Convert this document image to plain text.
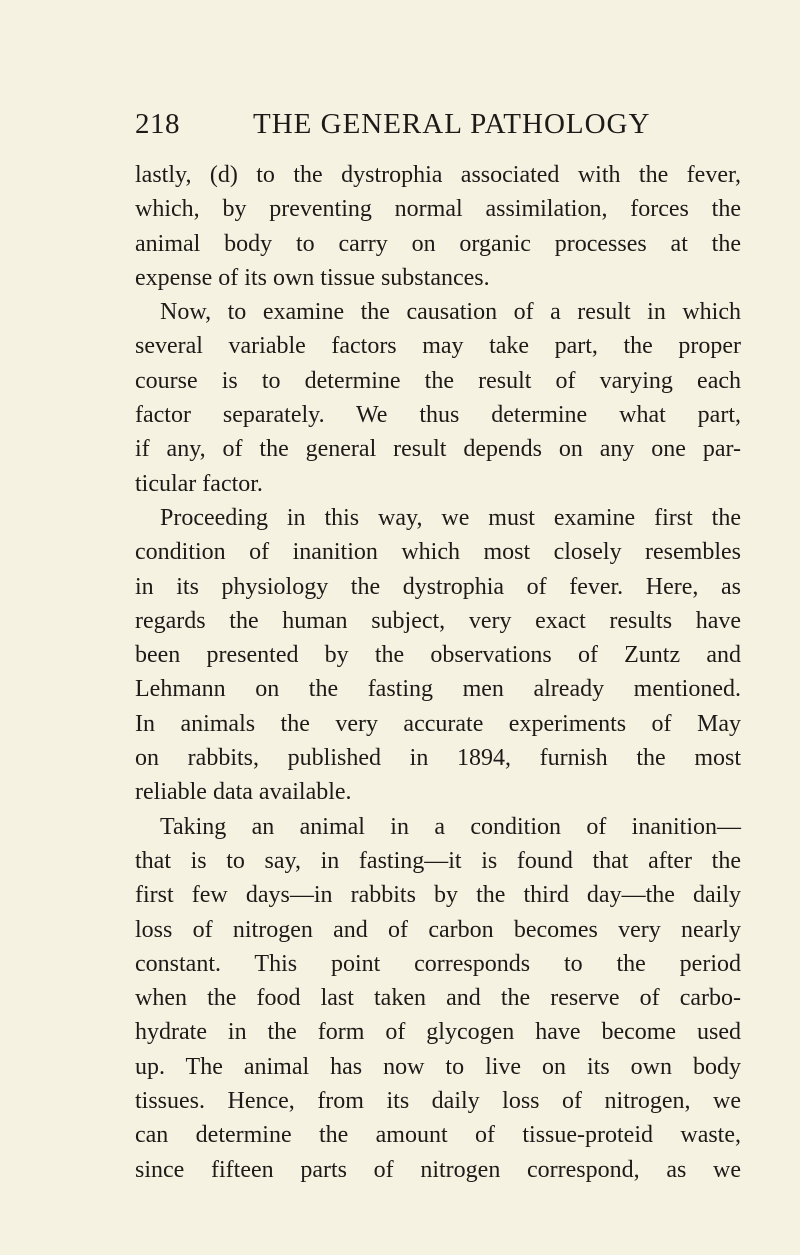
218	THE GENERAL PATHOLOGY
lastly, (d) to the dystrophia associated with the fever,
which, by preventing normal assimilation, forces the
animal body to carry on organic processes at the
expense of its own tissue substances.
Now, to examine the causation of a result in which
several variable factors may take part, the proper
course is to determine the result of varying each
factor separately. We thus determine what part,
if any, of the general result depends on any one par-
ticular factor.
Proceeding in this way, we must examine first the
condition of inanition which most closely resembles
in its physiology the dystrophia of fever. Here, as
regards the human subject, very exact results have
been presented by the observations of Zuntz and
Lehmann on the fasting men already mentioned.
In animals the very accurate experiments of May
on rabbits, published in 1894, furnish the most
reliable data available.
Taking an animal in a condition of inanition—
that is to say, in fasting—it is found that after the
first few days—in rabbits by the third day—the daily
loss of nitrogen and of carbon becomes very nearly
constant. This point corresponds to the period
when the food last taken and the reserve of carbo-
hydrate in the form of glycogen have become used
up. The animal has now to live on its own body
tissues. Hence, from its daily loss of nitrogen, we
can determine the amount of tissue-proteid waste,
since fifteen parts of nitrogen correspond, as we
